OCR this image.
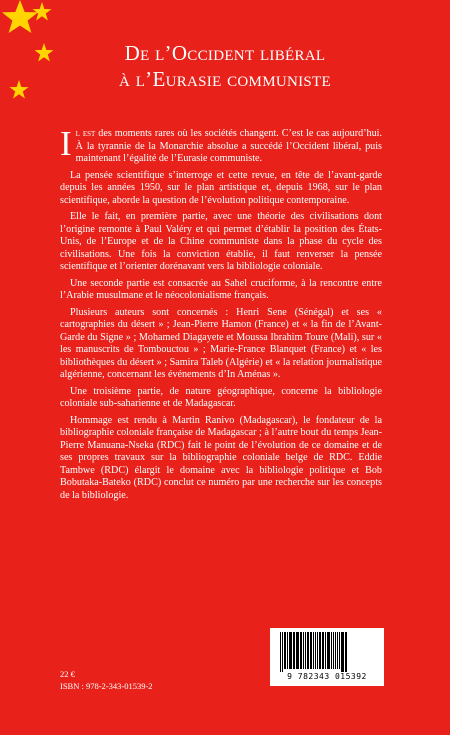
De l’Occident libéral
à l’Eurasie communiste

Il est des moments rares où les sociétés changent. C’est le cas aujourd’hui. À la tyrannie de la Monarchie absolue a succédé l’Occident libéral, puis maintenant l’égalité de l’Eurasie communiste.

La pensée scientifique s’interroge et cette revue, en tête de l’avant-garde depuis les années 1950, sur le plan artistique et, depuis 1968, sur le plan scientifique, aborde la question de l’évolution politique contemporaine.

Elle le fait, en première partie, avec une théorie des civilisations dont l’origine remonte à Paul Valéry et qui permet d’établir la position des États-Unis, de l’Europe et de la Chine communiste dans la phase du cycle des civilisations. Une fois la conviction établie, il faut renverser la pensée scientifique et l’orienter dorénavant vers la bibliologie coloniale.

Une seconde partie est consacrée au Sahel cruciforme, à la rencontre entre l’Arabie musulmane et le néocolonialisme français.

Plusieurs auteurs sont concernés : Henri Sene (Sénégal) et ses « cartographies du désert » ; Jean-Pierre Hamon (France) et « la fin de l’Avant-Garde du Signe » ; Mohamed Diagayete et Moussa Ibrahim Toure (Mali), sur « les manuscrits de Tombouctou » ; Marie-France Blanquet (France) et « les bibliothèques du désert » ; Samira Taleb (Algérie) et « la relation journalistique algérienne, concernant les événements d’In Aménas ».

Une troisième partie, de nature géographique, concerne la bibliologie coloniale sub-saharienne et de Madagascar.

Hommage est rendu à Martin Ranivo (Madagascar), le fondateur de la bibliographie coloniale française de Madagascar ; à l’autre bout du temps Jean-Pierre Manuana-Nseka (RDC) fait le point de l’évolution de ce domaine et de ses propres travaux sur la bibliographie coloniale belge de RDC. Eddie Tambwe (RDC) élargit le domaine avec la bibliologie politique et Bob Bobutaka-Bateko (RDC) conclut ce numéro par une recherche sur les concepts de la bibliologie.

22 €
ISBN : 978-2-343-01539-2
9 782343 015392
